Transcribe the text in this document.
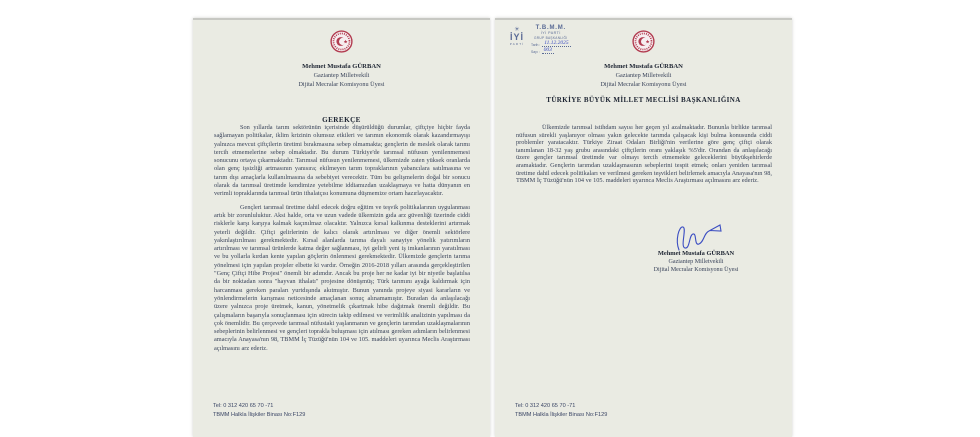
Mehmet Mustafa GÜRBAN
Gaziantep Milletvekili
Dijital Mecralar Komisyonu Üyesi
GEREKÇE

Son yıllarda tarım sektörünün içerisinde düşürüldüğü durumlar, çiftçiye hiçbir fayda sağlamayan politikalar, iklim krizinin olumsuz etkileri ve tarımın ekonomik olarak kazandırmayışı yalnızca mevcut çiftçilerin üretimi bırakmasına sebep olmamakta; gençlerin de meslek olarak tarımı tercih etmemelerine sebep olmaktadır. Bu durum Türkiye'de tarımsal nüfusun yenilenmemesi sonucunu ortaya çıkarmaktadır. Tarımsal nüfusun yenilenmemesi, ülkemizde zaten yüksek oranlarda olan genç işsizliği artmasının yanısıra; ekilmeyen tarım topraklarının yabancılara satılmasına ve tarım dışı amaçlarla kullanılmasına da sebebiyet verecektir. Tüm bu gelişmelerin doğal bir sonucu olarak da tarımsal üretimde kendimize yetebilme iddiamızdan uzaklaşmaya ve hatta dünyanın en verimli topraklarında tarımsal ürün ithalatçısı konumuna düşmemize ortam hazırlayacaktır.

Gençleri tarımsal üretime dahil edecek doğru eğitim ve teşvik politikalarının uygulanması artık bir zorunluluktur. Aksi halde, orta ve uzun vadede ülkemizin gıda arz güvenliği üzerinde ciddi risklerle karşı karşıya kalmak kaçınılmaz olacaktır. Yalnızca kırsal kalkınma desteklerini artırmak yeterli değildir. Çiftçi gelirlerinin de kalıcı olarak artırılması ve diğer önemli sektörlere yakınlaştırılması gerekmektedir. Kırsal alanlarda tarıma dayalı sanayiye yönelik yatırımların artırılması ve tarımsal ürünlerde katma değer sağlanması, iyi gelirli yeni iş imkanlarının yaratılması ve bu yollarla kırdan kente yapılan göçlerin önlenmesi gerekmektedir. Ülkemizde gençlerin tarıma yönelmesi için yapılan projeler elbette ki vardır. Örneğin 2016-2018 yılları arasında gerçekleştirilen "Genç Çiftçi Hibe Projesi" önemli bir adımdır. Ancak bu proje her ne kadar iyi bir niyetle başlatılsa da bir noktadan sonra "hayvan ithalatı" projesine dönüşmüş; Türk tarımını ayağa kaldırmak için harcanması gereken paraları yurtdışında akıtmıştır. Bunun yanında projeye siyasi kararların ve yönlendirmelerin karışması neticesinde amaçlanan sonuç alınamamıştır. Buradan da anlaşılacağı üzere yalnızca proje üretmek, kanun, yönetmelik çıkartmak hibe dağıtmak önemli değildir. Bu çalışmaların başarıyla sonuçlanması için sürecin takip edilmesi ve verimlilik analizinin yapılması da çok önemlidir. Bu çerçevede tarımsal nüfustaki yaşlanmanın ve gençlerin tarımdan uzaklaşmalarının sebeplerinin belirlenmesi ve gençleri toprakla buluşması için atılması gereken adımların belirlenmesi amacıyla Anayasa'nın 98, TBMM İç Tüzüğü'nün 104 ve 105. maddeleri uyarınca Meclis Araştırması açılmasını arz ederiz.

Tel: 0 312 420 65 70 -71
TBMM Halkla İlişkiler Binası No:F129
☀
İYİ
PARTİ
T.B.M.M.
İYİ PARTİ
GRUP BAŞKANLIĞI
Tarih : 11.12.2025
Sayı : 003
Mehmet Mustafa GÜRBAN
Gaziantep Milletvekili
Dijital Mecralar Komisyonu Üyesi
TÜRKİYE BÜYÜK MİLLET MECLİSİ BAŞKANLIĞINA

Ülkemizde tarımsal istihdam sayısı her geçen yıl azalmaktadır. Bununla birlikte tarımsal nüfusun sürekli yaşlanıyor olması yakın gelecekte tarımda çalışacak kişi bulma konusunda ciddi problemler yaratacaktır. Türkiye Ziraat Odaları Birliği'nin verilerine göre genç çiftçi olarak tanımlanan 18-32 yaş grubu arasındaki çiftçilerin oranı yaklaşık %5'dir. Orandan da anlaşılacağı üzere gençler tarımsal üretimde var olmayı tercih etmemekte geleceklerini büyükşehirlerde aramaktadır. Gençlerin tarımdan uzaklaşmasının sebeplerini tespit etmek; onları yeniden tarımsal üretime dahil edecek politikaları ve verilmesi gereken teşvikleri belirlemek amacıyla Anayasa'nın 98, TBMM İç Tüzüğü'nün 104 ve 105. maddeleri uyarınca Meclis Araştırması açılmasını arz ederiz.

Mehmet Mustafa GÜRBAN
Gaziantep Milletvekili
Dijital Mecralar Komisyonu Üyesi
Tel: 0 312 420 65 70 -71
TBMM Halkla İlişkiler Binası No:F129
